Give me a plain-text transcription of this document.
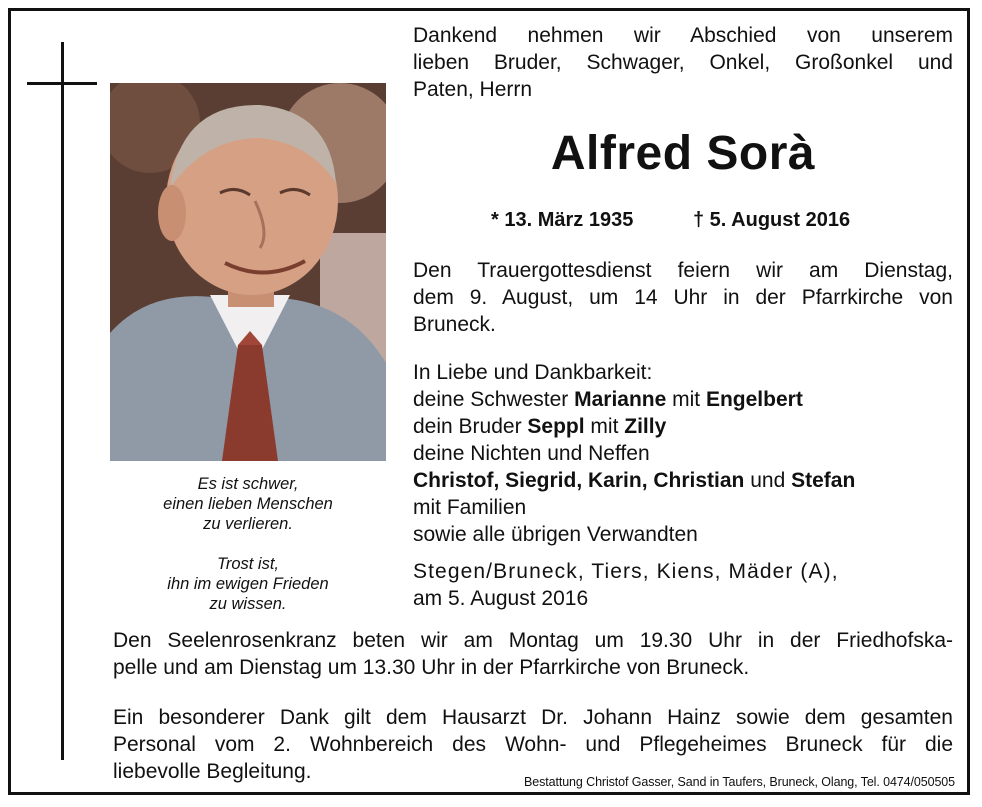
Es ist schwer,

einen lieben Menschen

zu verlieren.

Trost ist,

ihn im ewigen Frieden

zu wissen.

Dankend nehmen wir Abschied von unserem
lieben Bruder, Schwager, Onkel, Großonkel und
Paten, Herrn
Alfred Sorà
* 13. März 1935	† 5. August 2016
Den Trauergottesdienst feiern wir am Dienstag,
dem 9. August, um 14 Uhr in der Pfarrkirche von
Bruneck.
In Liebe und Dankbarkeit:
deine Schwester Marianne mit Engelbert
dein Bruder Seppl mit Zilly
deine Nichten und Neffen
Christof, Siegrid, Karin, Christian und Stefan
mit Familien
sowie alle übrigen Verwandten
Stegen/Bruneck, Tiers, Kiens, Mäder (A),
am 5. August 2016
Den Seelenrosenkranz beten wir am Montag um 19.30 Uhr in der Friedhofska-
pelle und am Dienstag um 13.30 Uhr in der Pfarrkirche von Bruneck.
Ein besonderer Dank gilt dem Hausarzt Dr. Johann Hainz sowie dem gesamten
Personal vom 2. Wohnbereich des Wohn- und Pflegeheimes Bruneck für die
liebevolle Begleitung.	Bestattung Christof Gasser, Sand in Taufers, Bruneck, Olang, Tel. 0474/050505
